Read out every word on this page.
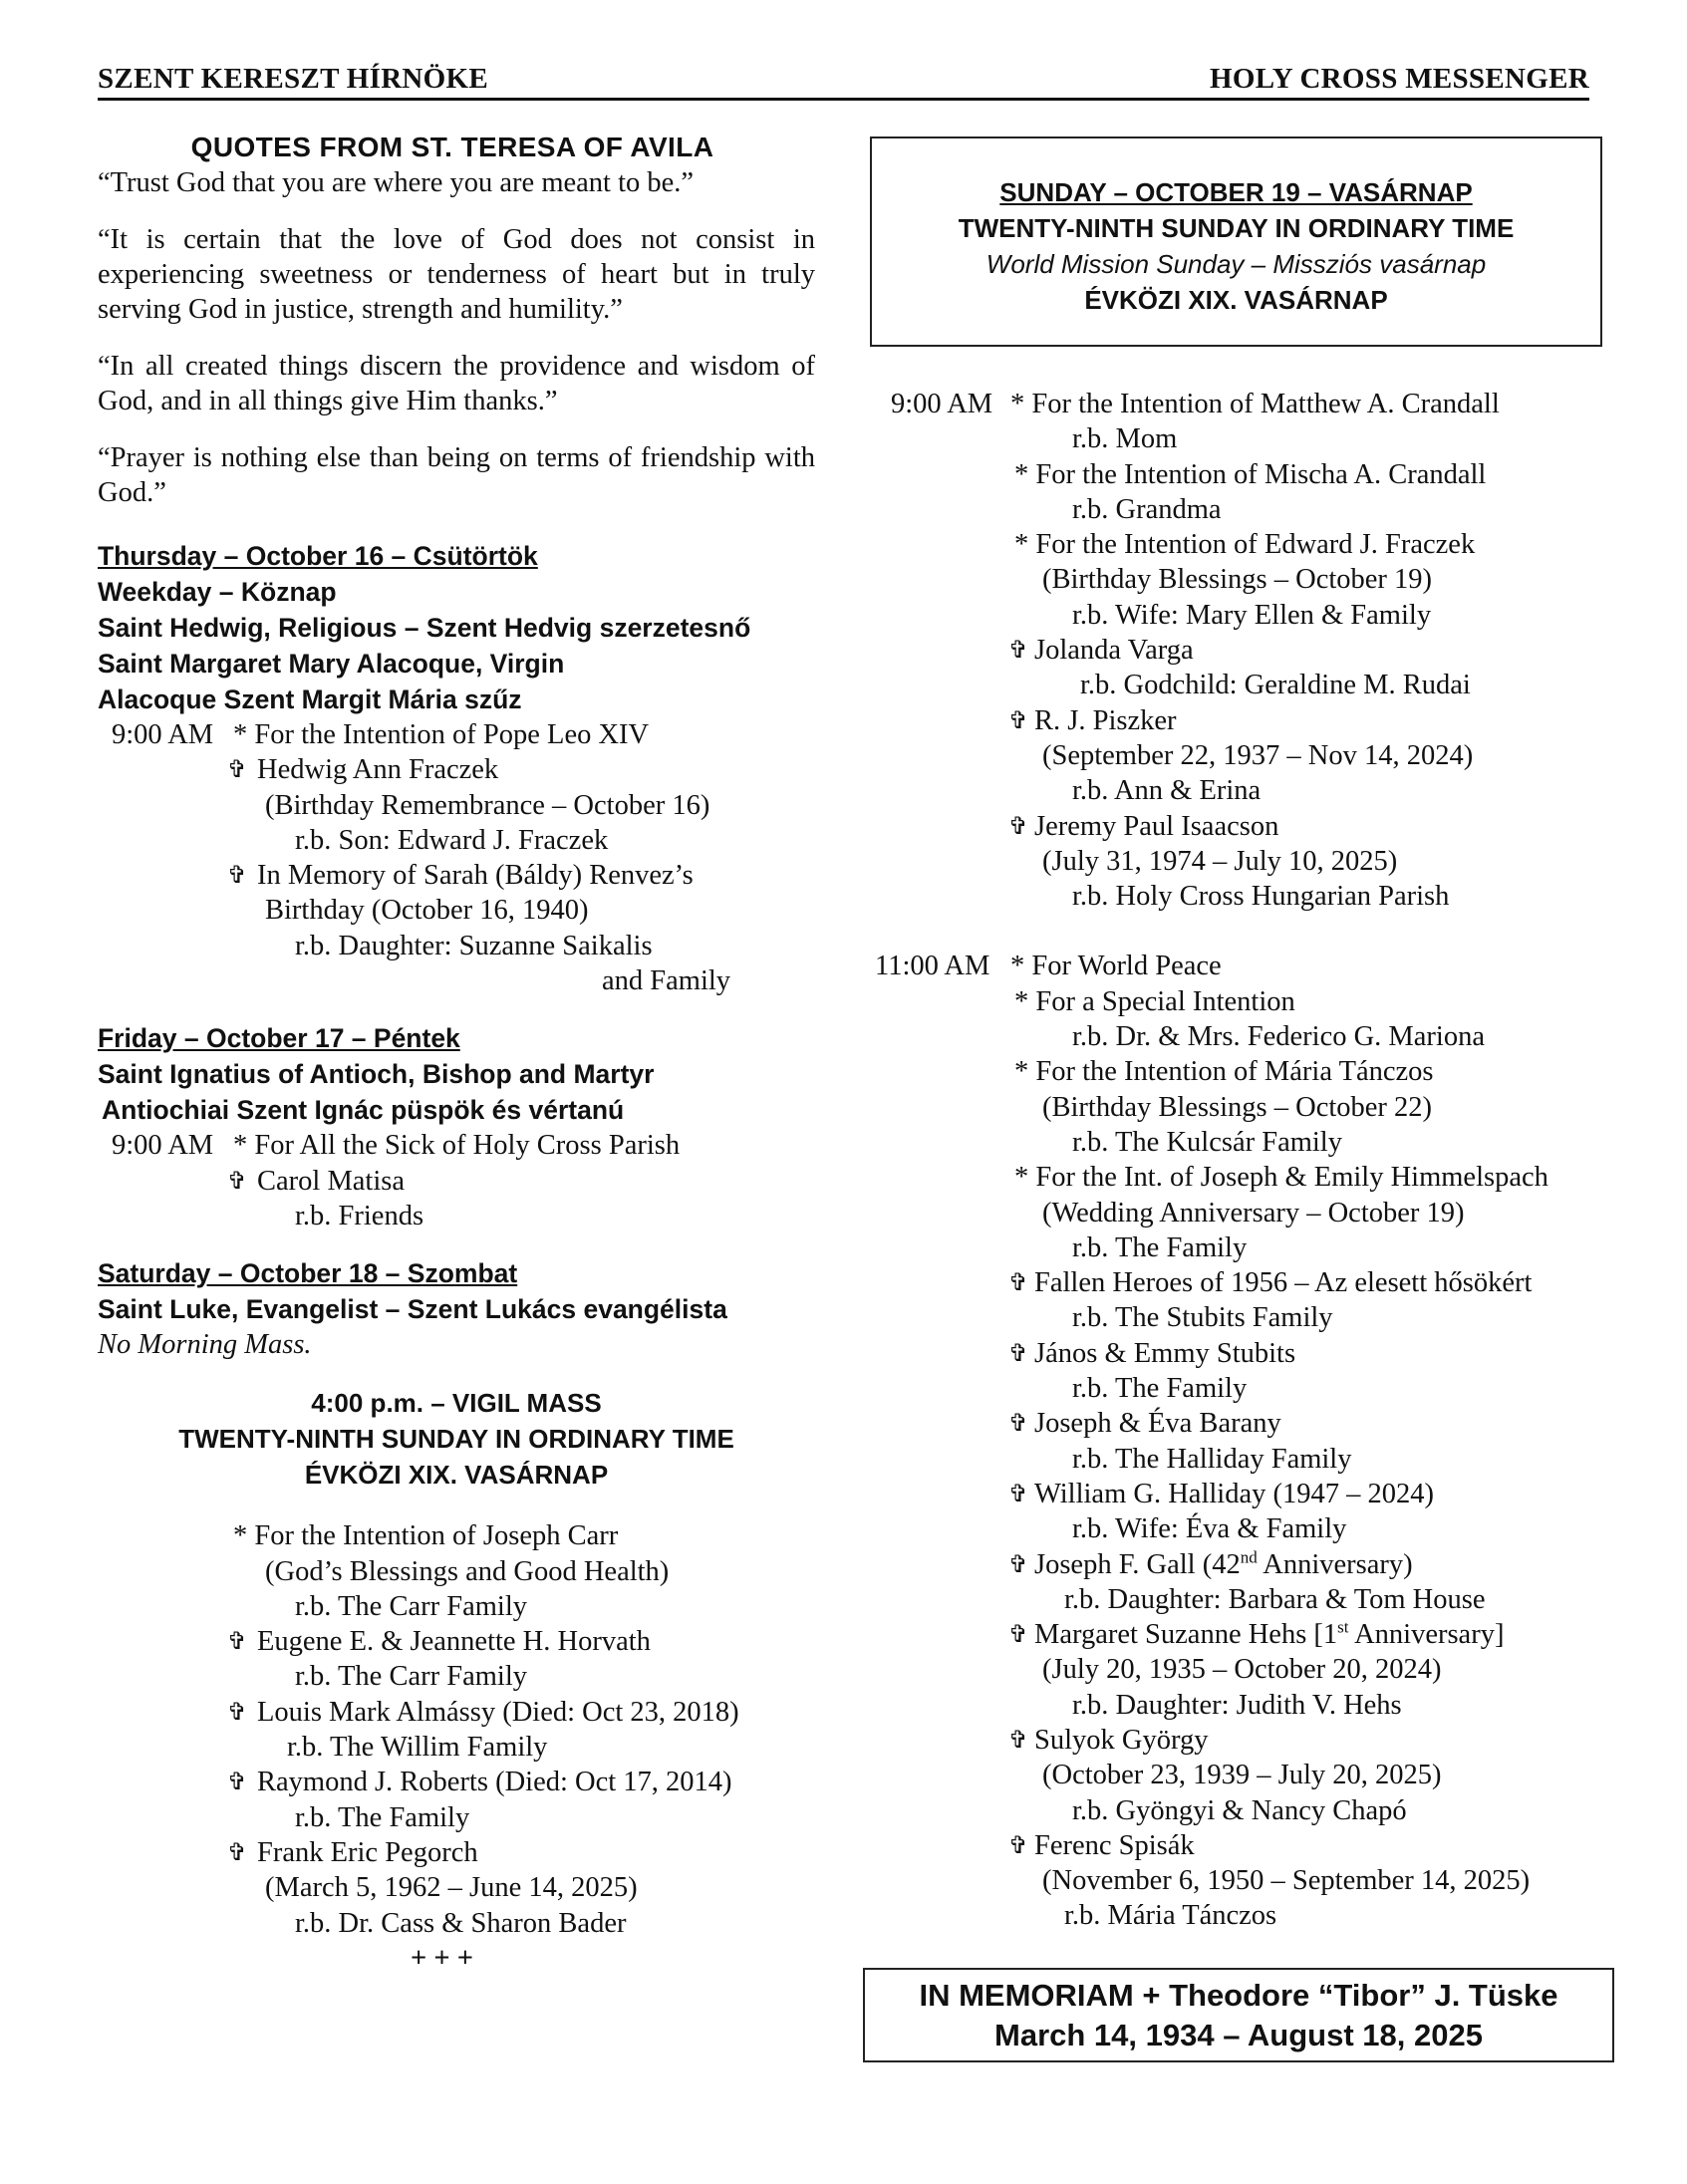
SZENT KERESZT HÍRNÖKE	HOLY CROSS MESSENGER
QUOTES FROM ST. TERESA OF AVILA
“Trust God that you are where you are meant to be.”
“It is certain that the love of God does not consist in experiencing sweetness or tenderness of heart but in truly serving God in justice, strength and humility.”
“In all created things discern the providence and wisdom of God, and in all things give Him thanks.”
“Prayer is nothing else than being on terms of friendship with God.”
Thursday – October 16 – Csütörtök
Weekday – Köznap
Saint Hedwig, Religious – Szent Hedvig szerzetesnő
Saint Margaret Mary Alacoque, Virgin
Alacoque Szent Margit Mária szűz
9:00 AM * For the Intention of Pope Leo XIV
✞ Hedwig Ann Fraczek
(Birthday Remembrance – October 16)
r.b. Son: Edward J. Fraczek
✞ In Memory of Sarah (Báldy) Renvez’s
Birthday (October 16, 1940)
r.b. Daughter: Suzanne Saikalis
and Family
Friday – October 17 – Péntek
Saint Ignatius of Antioch, Bishop and Martyr
Antiochiai Szent Ignác püspök és vértanú
9:00 AM * For All the Sick of Holy Cross Parish
✞ Carol Matisa
r.b. Friends
Saturday – October 18 – Szombat
Saint Luke, Evangelist – Szent Lukács evangélista
No Morning Mass.
4:00 p.m. – VIGIL MASS
TWENTY-NINTH SUNDAY IN ORDINARY TIME
ÉVKÖZI XIX. VASÁRNAP
* For the Intention of Joseph Carr
(God’s Blessings and Good Health)
r.b. The Carr Family
✞ Eugene E. & Jeannette H. Horvath
r.b. The Carr Family
✞ Louis Mark Almássy (Died: Oct 23, 2018)
r.b. The Willim Family
✞ Raymond J. Roberts (Died: Oct 17, 2014)
r.b. The Family
✞ Frank Eric Pegorch
(March 5, 1962 – June 14, 2025)
r.b. Dr. Cass & Sharon Bader
+ + +
SUNDAY – OCTOBER 19 – VASÁRNAP
TWENTY-NINTH SUNDAY IN ORDINARY TIME
World Mission Sunday – Missziós vasárnap
ÉVKÖZI XIX. VASÁRNAP
9:00 AM * For the Intention of Matthew A. Crandall
r.b. Mom
* For the Intention of Mischa A. Crandall
r.b. Grandma
* For the Intention of Edward J. Fraczek
(Birthday Blessings – October 19)
r.b. Wife: Mary Ellen & Family
✞ Jolanda Varga
r.b. Godchild: Geraldine M. Rudai
✞ R. J. Piszker
(September 22, 1937 – Nov 14, 2024)
r.b. Ann & Erina
✞ Jeremy Paul Isaacson
(July 31, 1974 – July 10, 2025)
r.b. Holy Cross Hungarian Parish
11:00 AM * For World Peace
* For a Special Intention
r.b. Dr. & Mrs. Federico G. Mariona
* For the Intention of Mária Tánczos
(Birthday Blessings – October 22)
r.b. The Kulcsár Family
* For the Int. of Joseph & Emily Himmelspach
(Wedding Anniversary – October 19)
r.b. The Family
✞ Fallen Heroes of 1956 – Az elesett hősökért
r.b. The Stubits Family
✞ János & Emmy Stubits
r.b. The Family
✞ Joseph & Éva Barany
r.b. The Halliday Family
✞ William G. Halliday (1947 – 2024)
r.b. Wife: Éva & Family
✞ Joseph F. Gall (42nd Anniversary)
r.b. Daughter: Barbara & Tom House
✞ Margaret Suzanne Hehs [1st Anniversary]
(July 20, 1935 – October 20, 2024)
r.b. Daughter: Judith V. Hehs
✞ Sulyok György
(October 23, 1939 – July 20, 2025)
r.b. Gyöngyi & Nancy Chapó
✞ Ferenc Spisák
(November 6, 1950 – September 14, 2025)
r.b. Mária Tánczos
IN MEMORIAM + Theodore “Tibor” J. Tüske
March 14, 1934 – August 18, 2025
